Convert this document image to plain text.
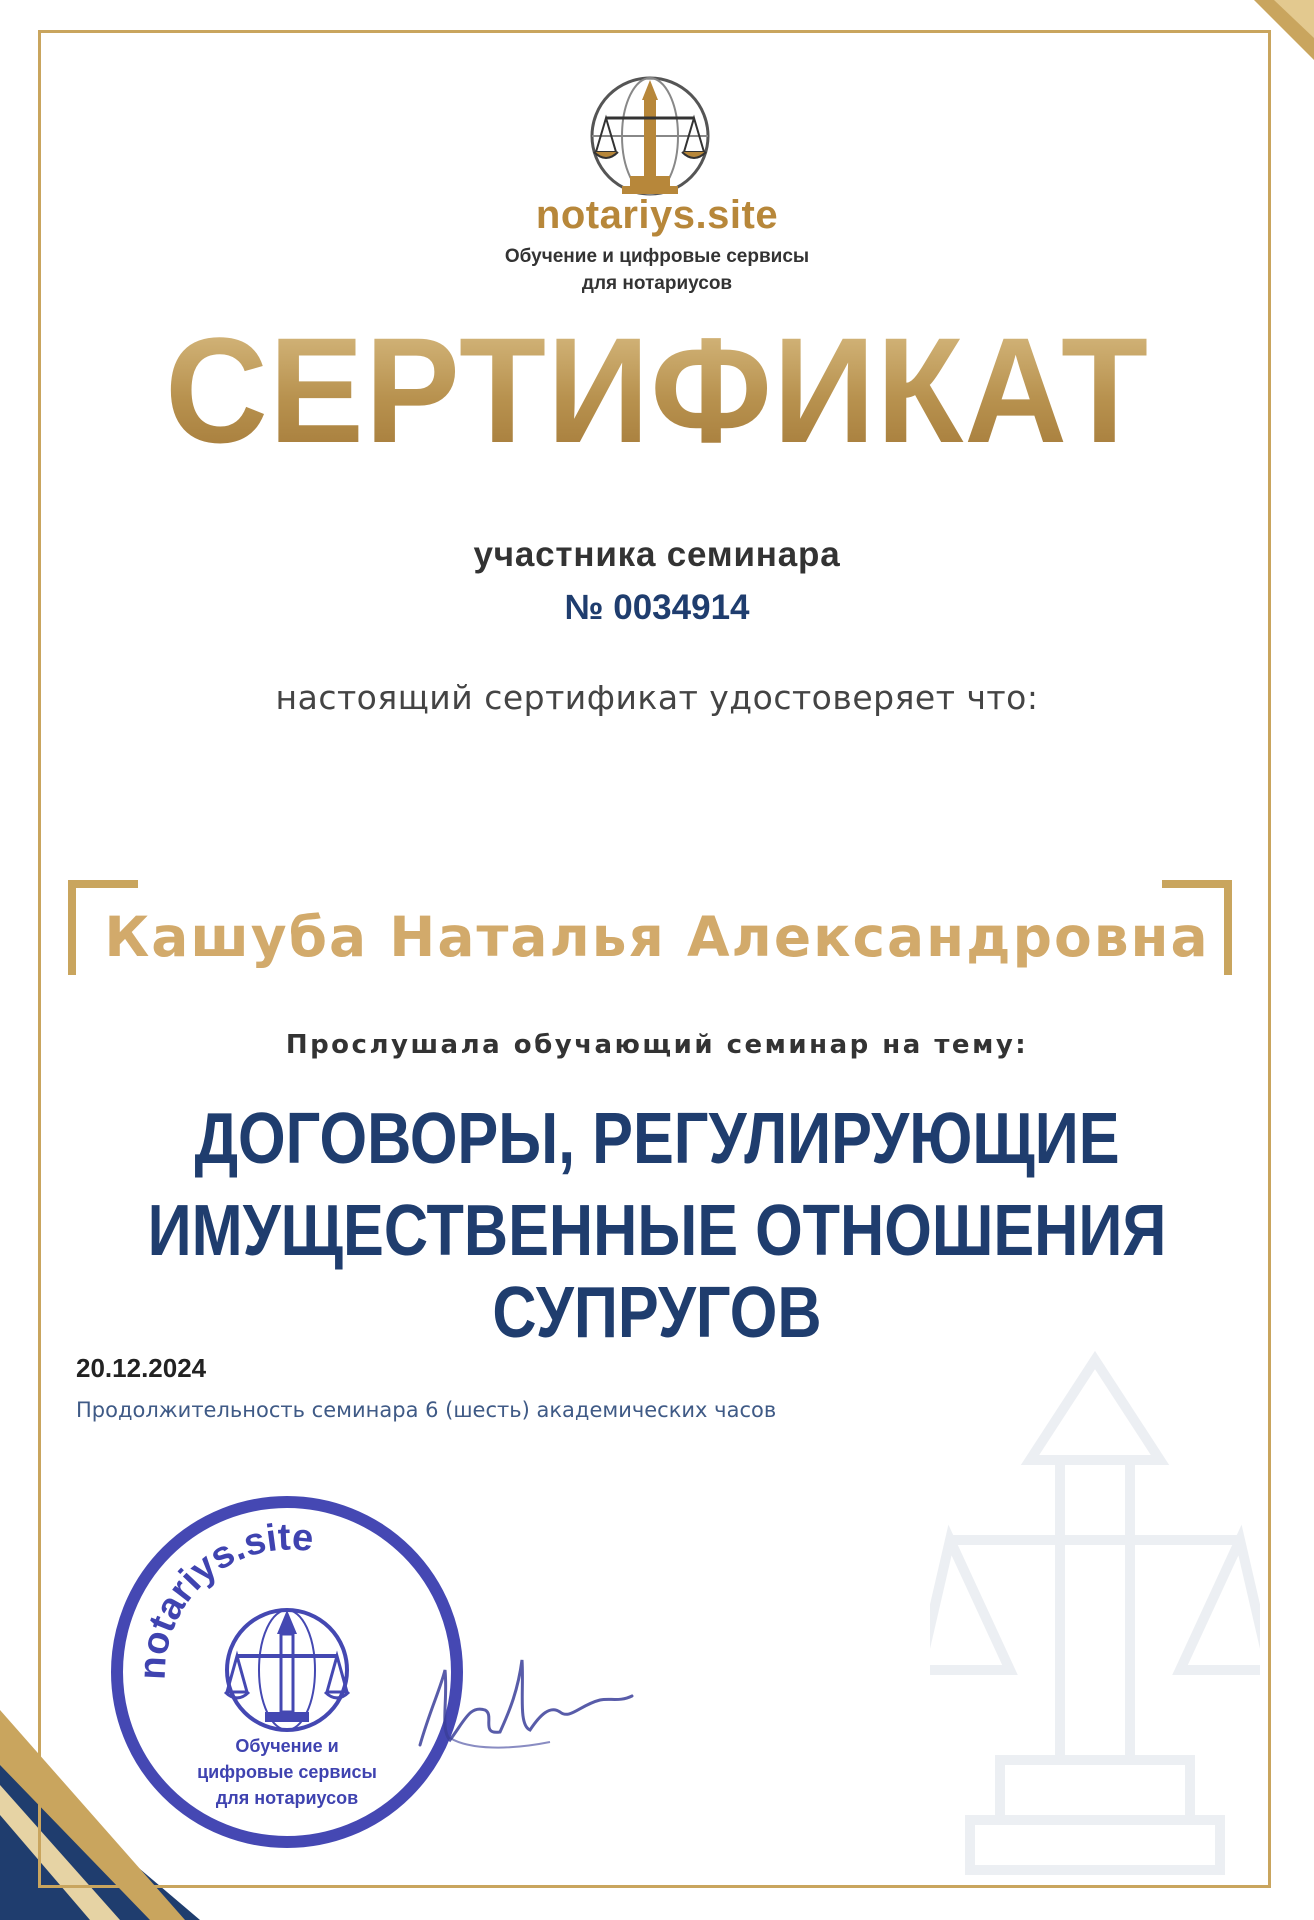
notariys.site
Обучение и цифровые сервисы
для нотариусов
СЕРТИФИКАТ
участника семинара
№ 0034914
настоящий сертификат удостоверяет что:
Кашуба Наталья Александровна
Прослушала обучающий семинар на тему:
ДОГОВОРЫ, РЕГУЛИРУЮЩИЕ
ИМУЩЕСТВЕННЫЕ ОТНОШЕНИЯ СУПРУГОВ
20.12.2024
Продолжительность семинара 6 (шесть) академических часов
notariys.site
Обучение и
цифровые сервисы
для нотариусов
